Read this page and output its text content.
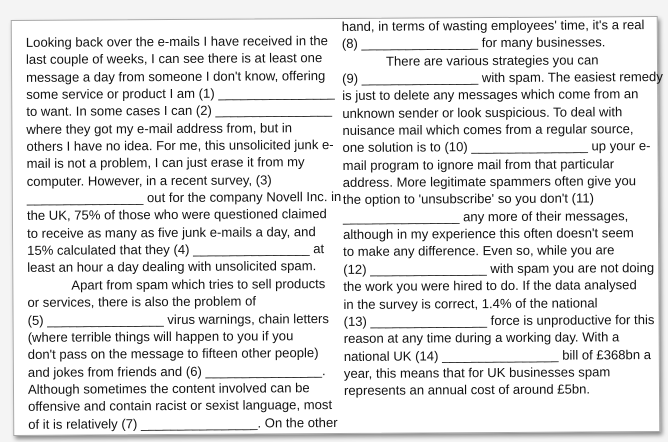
Looking back over the e-mails I have received in the
last couple of weeks, I can see there is at least one
message a day from someone I don't know, offering
some service or product I am (1) ________________
to want. In some cases I can (2) ________________
where they got my e-mail address from, but in
others I have no idea. For me, this unsolicited junk e-
mail is not a problem, I can just erase it from my
computer. However, in a recent survey, (3)
________________ out for the company Novell Inc. in
the UK, 75% of those who were questioned claimed
to receive as many as five junk e-mails a day, and
15% calculated that they (4) ________________ at
least an hour a day dealing with unsolicited spam.
Apart from spam which tries to sell products
or services, there is also the problem of
(5) ________________ virus warnings, chain letters
(where terrible things will happen to you if you
don't pass on the message to fifteen other people)
and jokes from friends and (6) ________________.
Although sometimes the content involved can be
offensive and contain racist or sexist language, most
of it is relatively (7) ________________. On the other
hand, in terms of wasting employees' time, it's a real
(8) ________________ for many businesses.
There are various strategies you can
(9) ________________ with spam. The easiest remedy
is just to delete any messages which come from an
unknown sender or look suspicious. To deal with
nuisance mail which comes from a regular source,
one solution is to (10) ________________ up your e-
mail program to ignore mail from that particular
address. More legitimate spammers often give you
the option to 'unsubscribe' so you don't (11)
________________ any more of their messages,
although in my experience this often doesn't seem
to make any difference. Even so, while you are
(12) ________________ with spam you are not doing
the work you were hired to do. If the data analysed
in the survey is correct, 1.4% of the national
(13) ________________ force is unproductive for this
reason at any time during a working day. With a
national UK (14) ________________ bill of £368bn a
year, this means that for UK businesses spam
represents an annual cost of around £5bn.
